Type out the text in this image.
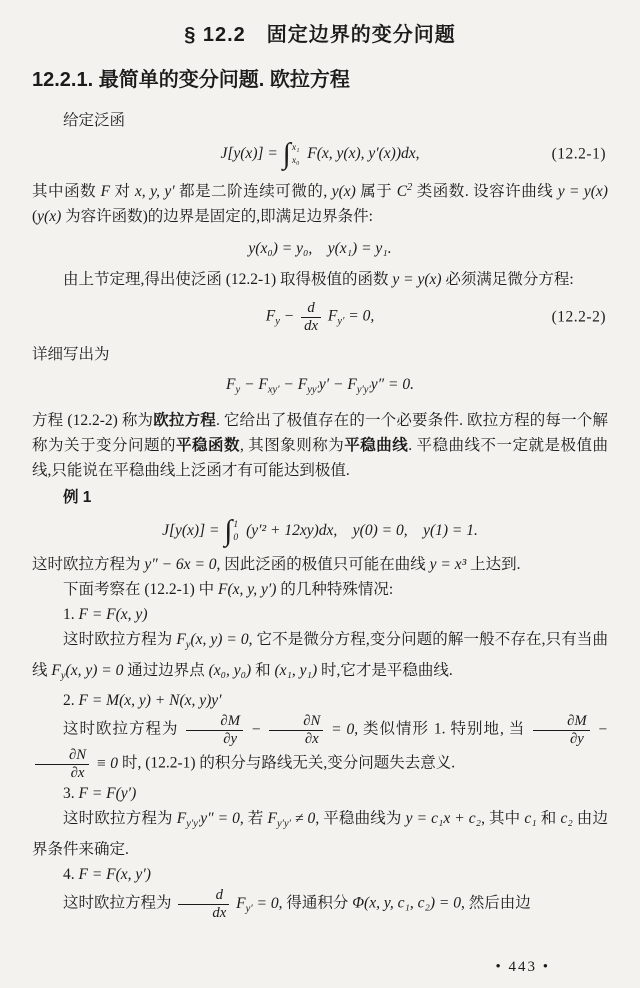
§ 12.2　固定边界的变分问题
12.2.1. 最简单的变分问题. 欧拉方程

给定泛函

J[y(x)] = ∫ x₁
x₀ F(x, y(x), y′(x))dx,	(12.2-1)

其中函数 F 对 x, y, y′ 都是二阶连续可微的, y(x) 属于 $C^2$ 类函数. 设容许曲线 y = y(x)(y(x) 为容许函数)的边界是固定的,即满足边界条件:

y(x₀) = y₀,　y(x₁) = y₁.

由上节定理,得出使泛函 (12.2-1) 取得极值的函数 y = y(x) 必须满足微分方程:

$F_y - \frac{d}{dx} F_{y'} = 0$,	(12.2-2)

详细写出为

$F_y - F_{xy'} - F_{yy'}y' - F_{y'y'}y'' = 0$.

方程 (12.2-2) 称为欧拉方程. 它给出了极值存在的一个必要条件. 欧拉方程的每一个解称为关于变分问题的平稳函数, 其图象则称为平稳曲线. 平稳曲线不一定就是极值曲线,只能说在平稳曲线上泛函才有可能达到极值.

例 1

J[y(x)] = ∫ 1
0 (y′² + 12xy)dx,　y(0) = 0,　y(1) = 1.

这时欧拉方程为 y″ − 6x = 0, 因此泛函的极值只可能在曲线 y = x³ 上达到.

下面考察在 (12.2-1) 中 F(x, y, y′) 的几种特殊情况:

1. F = F(x, y)

这时欧拉方程为 $F_y(x$, y) = 0, 它不是微分方程,变分问题的解一般不存在,只有当曲线 $F_y(x$, y) = 0 通过边界点 (x₀, y₀) 和 (x₁, y₁) 时,它才是平稳曲线.

2. F = M(x, y) + N(x, y)y′

这时欧拉方程为 $\frac{\partial M}{\partial y} - \frac{\partial N}{\partial x} = 0$, 类似情形 1. 特别地, 当 $\frac{\partial M}{\partial y}$ −
$\frac{\partial N}{\partial x} \equiv 0$ 时, (12.2-1) 的积分与路线无关,变分问题失去意义.

3. F = F(y′)

这时欧拉方程为 $F_{y'y'}y'' = 0$, 若 $F_{y'y'} \ne 0$, 平稳曲线为 y = c₁x + c₂, 其中 c₁ 和 c₂ 由边界条件来确定.

4. F = F(x, y′)

这时欧拉方程为 $\frac{d}{dx} F_{y'} = 0$, 得通积分 Φ(x, y, c₁, c₂) = 0, 然后由边

• 443 •
